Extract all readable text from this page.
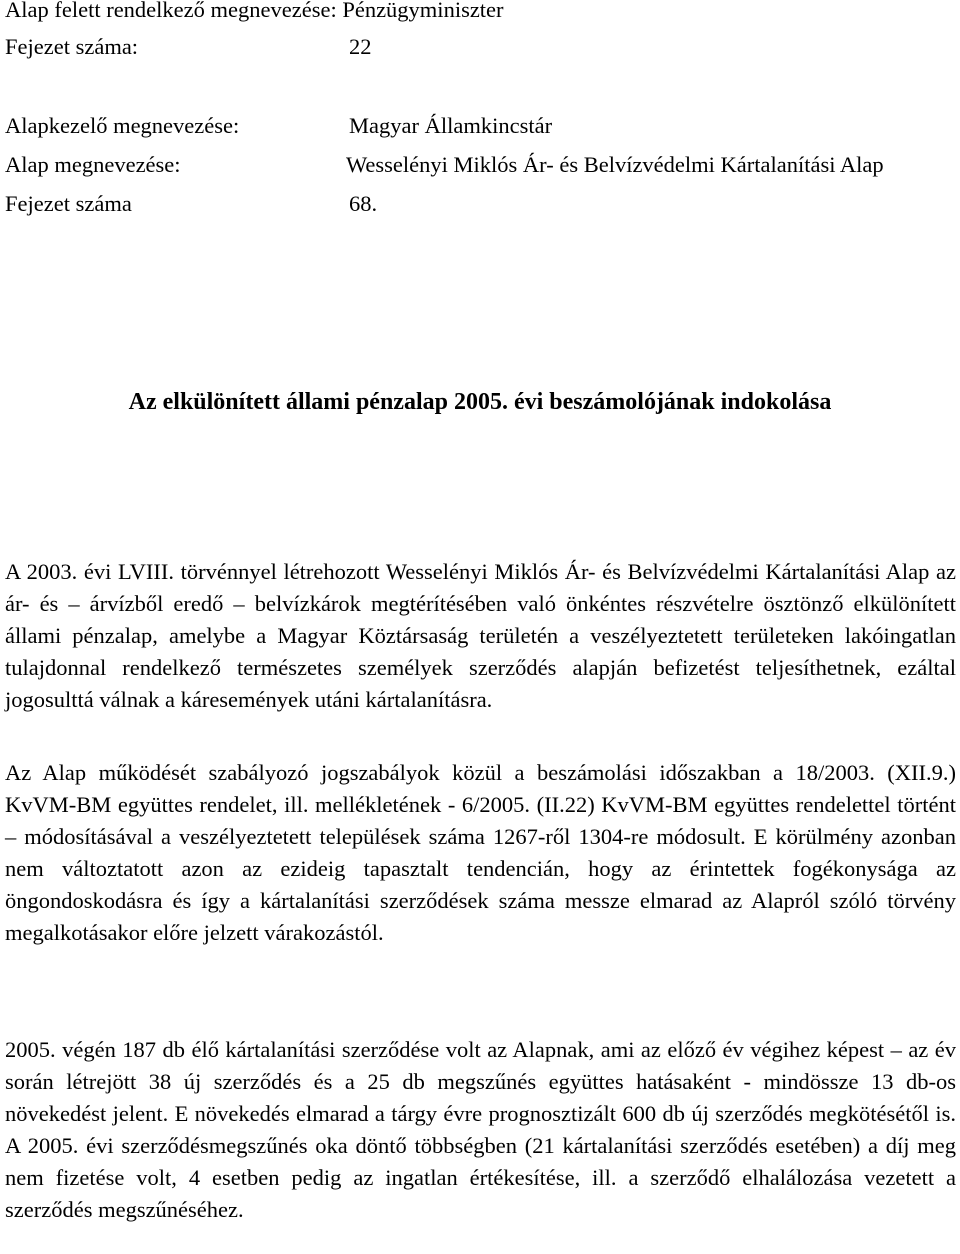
Alap felett rendelkező megnevezése: Pénzügyminiszter
Fejezet száma:	22
Alapkezelő megnevezése:	Magyar Államkincstár
Alap megnevezése:	Wesselényi Miklós Ár- és Belvízvédelmi Kártalanítási Alap
Fejezet száma	68.
Az elkülönített állami pénzalap 2005. évi beszámolójának indokolása

A 2003. évi LVIII. törvénnyel létrehozott Wesselényi Miklós Ár- és Belvízvédelmi Kártalanítási Alap az ár- és – árvízből eredő – belvízkárok megtérítésében való önkéntes részvételre ösztönző elkülönített állami pénzalap, amelybe a Magyar Köztársaság területén a veszélyeztetett területeken lakóingatlan tulajdonnal rendelkező természetes személyek szerződés alapján befizetést teljesíthetnek, ezáltal jogosulttá válnak a káresemények utáni kártalanításra.

Az Alap működését szabályozó jogszabályok közül a beszámolási időszakban a 18/2003. (XII.9.) KvVM-BM együttes rendelet, ill. mellékletének - 6/2005. (II.22) KvVM-BM együttes rendelettel történt – módosításával a veszélyeztetett települések száma 1267-ről 1304-re módosult. E körülmény azonban nem változtatott azon az ezideig tapasztalt tendencián, hogy az érintettek fogékonysága az öngondoskodásra és így a kártalanítási szerződések száma messze elmarad az Alapról szóló törvény megalkotásakor előre jelzett várakozástól.

2005. végén 187 db élő kártalanítási szerződése volt az Alapnak, ami az előző év végihez képest – az év során létrejött 38 új szerződés és a 25 db megszűnés együttes hatásaként - mindössze 13 db-os növekedést jelent. E növekedés elmarad a tárgy évre prognosztizált 600 db új szerződés megkötésétől is. A 2005. évi szerződésmegszűnés oka döntő többségben (21 kártalanítási szerződés esetében) a díj meg nem fizetése volt, 4 esetben pedig az ingatlan értékesítése, ill. a szerződő elhalálozása vezetett a szerződés megszűnéséhez.
